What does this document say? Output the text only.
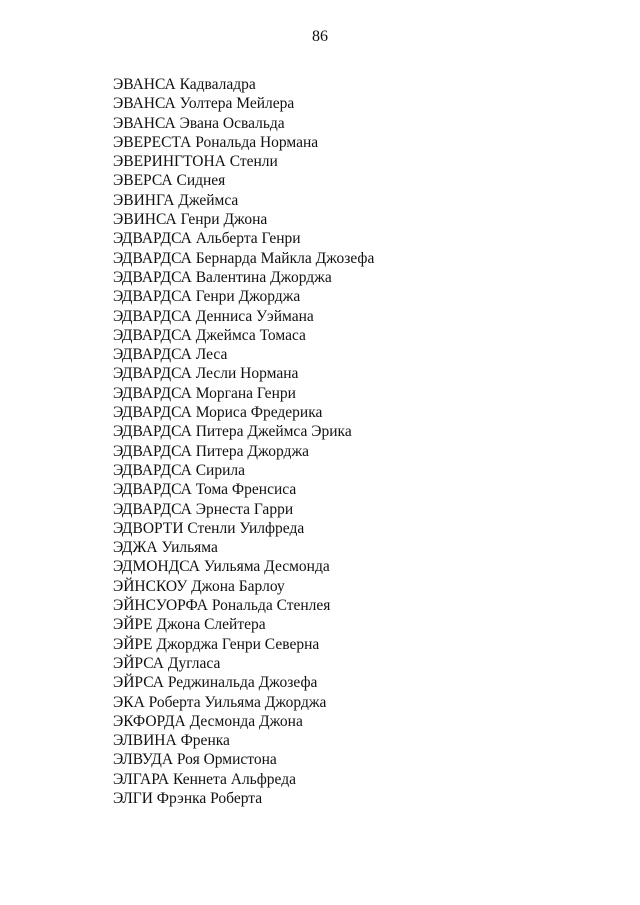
86
ЭВАНСА Кадваладра
ЭВАНСА Уолтера Мейлера
ЭВАНСА Эвана Освальда
ЭВЕРЕСТА Рональда Нормана
ЭВЕРИНГТОНА Стенли
ЭВЕРСА Сиднея
ЭВИНГА Джеймса
ЭВИНСА Генри Джона
ЭДВАРДСА Альберта Генри
ЭДВАРДСА Бернарда Майкла Джозефа
ЭДВАРДСА Валентина Джорджа
ЭДВАРДСА Генри Джорджа
ЭДВАРДСА Денниса Уэймана
ЭДВАРДСА Джеймса Томаса
ЭДВАРДСА Леса
ЭДВАРДСА Лесли Нормана
ЭДВАРДСА Моргана Генри
ЭДВАРДСА Мориса Фредерика
ЭДВАРДСА Питера Джеймса Эрика
ЭДВАРДСА Питера Джорджа
ЭДВАРДСА Сирила
ЭДВАРДСА Тома Френсиса
ЭДВАРДСА Эрнеста Гарри
ЭДВОРТИ Стенли Уилфреда
ЭДЖА Уильяма
ЭДМОНДСА Уильяма Десмонда
ЭЙНСКОУ Джона Барлоу
ЭЙНСУОРФА Рональда Стенлея
ЭЙРЕ Джона Слейтера
ЭЙРЕ Джорджа Генри Северна
ЭЙРСА Дугласа
ЭЙРСА Реджинальда Джозефа
ЭКА Роберта Уильяма Джорджа
ЭКФОРДА Десмонда Джона
ЭЛВИНА Френка
ЭЛВУДА Роя Ормистона
ЭЛГАРА Кеннета Альфреда
ЭЛГИ Фрэнка Роберта
